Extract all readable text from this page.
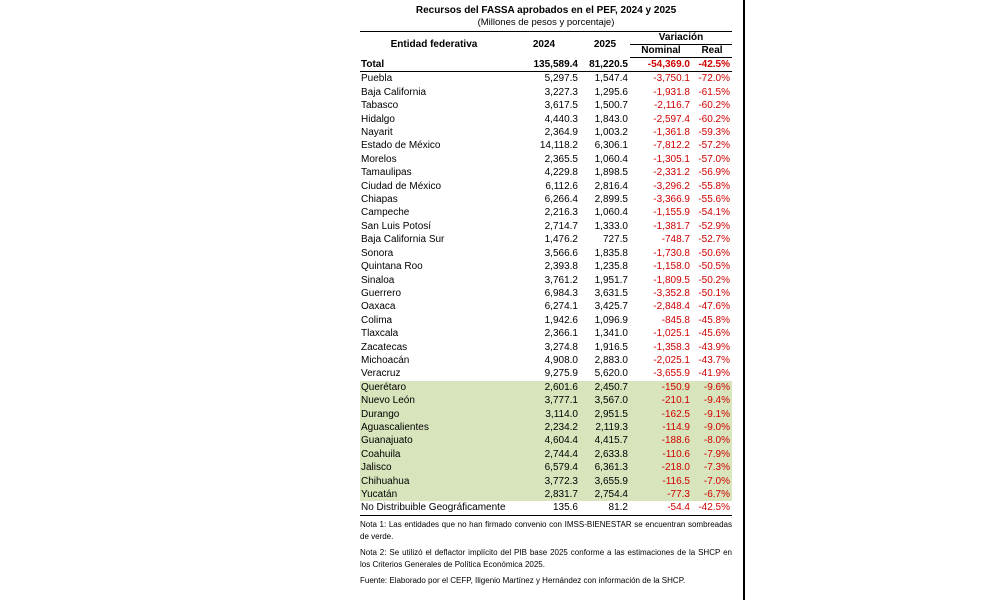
Recursos del FASSA aprobados en el PEF, 2024 y 2025
(Millones de pesos y porcentaje)
Entidad federativa	2024	2025	Variación	
			Nominal	Real
Total	135,589.4	81,220.5	-54,369.0	-42.5%
Puebla	5,297.5	1,547.4	-3,750.1	-72.0%
Baja California	3,227.3	1,295.6	-1,931.8	-61.5%
Tabasco	3,617.5	1,500.7	-2,116.7	-60.2%
Hidalgo	4,440.3	1,843.0	-2,597.4	-60.2%
Nayarit	2,364.9	1,003.2	-1,361.8	-59.3%
Estado de México	14,118.2	6,306.1	-7,812.2	-57.2%
Morelos	2,365.5	1,060.4	-1,305.1	-57.0%
Tamaulipas	4,229.8	1,898.5	-2,331.2	-56.9%
Ciudad de México	6,112.6	2,816.4	-3,296.2	-55.8%
Chiapas	6,266.4	2,899.5	-3,366.9	-55.6%
Campeche	2,216.3	1,060.4	-1,155.9	-54.1%
San Luis Potosí	2,714.7	1,333.0	-1,381.7	-52.9%
Baja California Sur	1,476.2	727.5	-748.7	-52.7%
Sonora	3,566.6	1,835.8	-1,730.8	-50.6%
Quintana Roo	2,393.8	1,235.8	-1,158.0	-50.5%
Sinaloa	3,761.2	1,951.7	-1,809.5	-50.2%
Guerrero	6,984.3	3,631.5	-3,352.8	-50.1%
Oaxaca	6,274.1	3,425.7	-2,848.4	-47.6%
Colima	1,942.6	1,096.9	-845.8	-45.8%
Tlaxcala	2,366.1	1,341.0	-1,025.1	-45.6%
Zacatecas	3,274.8	1,916.5	-1,358.3	-43.9%
Michoacán	4,908.0	2,883.0	-2,025.1	-43.7%
Veracruz	9,275.9	5,620.0	-3,655.9	-41.9%
Querétaro	2,601.6	2,450.7	-150.9	-9.6%
Nuevo León	3,777.1	3,567.0	-210.1	-9.4%
Durango	3,114.0	2,951.5	-162.5	-9.1%
Aguascalientes	2,234.2	2,119.3	-114.9	-9.0%
Guanajuato	4,604.4	4,415.7	-188.6	-8.0%
Coahuila	2,744.4	2,633.8	-110.6	-7.9%
Jalisco	6,579.4	6,361.3	-218.0	-7.3%
Chihuahua	3,772.3	3,655.9	-116.5	-7.0%
Yucatán	2,831.7	2,754.4	-77.3	-6.7%
No Distribuible Geográficamente	135.6	81.2	-54.4	-42.5%

Nota 1: Las entidades que no han firmado convenio con IMSS-BIENESTAR se encuentran sombreadas de verde.

Nota 2: Se utilizó el deflactor implícito del PIB base 2025 conforme a las estimaciones de la SHCP en los Criterios Generales de Política Económica 2025.

Fuente: Elaborado por el CEFP, Iligenio Martínez y Hernández con información de la SHCP.
